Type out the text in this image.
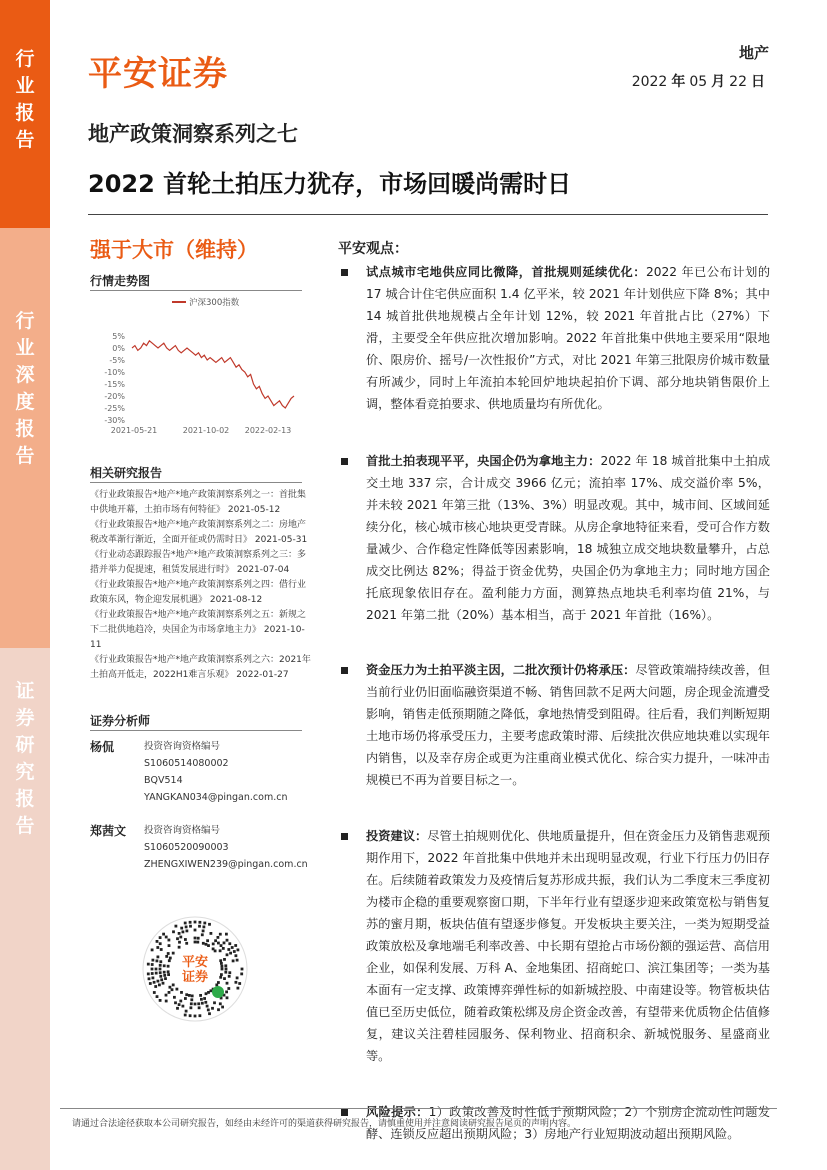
行
业
报
告
行
业
深
度
报
告
证
券
研
究
报
告
平安证券
地产
2022 年 05 月 22 日
地产政策洞察系列之七
2022 首轮土拍压力犹存，市场回暖尚需时日
强于大市（维持）
行情走势图
沪深300指数
5%
0%
-5%
-10%
-15%
-20%
-25%
-30%
2021-05-21	2021-10-02 2022-02-13
相关研究报告
《行业政策报告*地产*地产政策洞察系列之一：首批集中供地开幕，土拍市场有何特征》 2021-05-12
《行业政策报告*地产*地产政策洞察系列之二：房地产税改革渐行渐近，全面开征或仍需时日》 2021-05-31
《行业动态跟踪报告*地产*地产政策洞察系列之三：多措并举力促提速，租赁发展进行时》 2021-07-04
《行业政策报告*地产*地产政策洞察系列之四：借行业政策东风，物企迎发展机遇》 2021-08-12
《行业政策报告*地产*地产政策洞察系列之五：新规之下二批供地趋冷，央国企为市场拿地主力》 2021-10-11
《行业政策报告*地产*地产政策洞察系列之六：2021年土拍高开低走，2022H1难言乐观》 2022-01-27
证券分析师
杨侃	投资咨询资格编号
S1060514080002
BQV514
YANGKAN034@pingan.com.cn
郑茜文 投资咨询资格编号
S1060520090003
ZHENGXIWEN239@pingan.com.cn
平安
证券
平安观点：
试点城市宅地供应同比微降，首批规则延续优化：2022 年已公布计划的 17 城合计住宅供应面积 1.4 亿平米，较 2021 年计划供应下降 8%；其中 14 城首批供地规模占全年计划 12%，较 2021 年首批占比（27%）下滑，主要受全年供应批次增加影响。2022 年首批集中供地主要采用“限地价、限房价、摇号/一次性报价”方式，对比 2021 年第三批限房价城市数量有所减少，同时上年流拍本轮回炉地块起拍价下调、部分地块销售限价上调，整体看竞拍要求、供地质量均有所优化。
首批土拍表现平平，央国企仍为拿地主力：2022 年 18 城首批集中土拍成交土地 337 宗，合计成交 3966 亿元；流拍率 17%、成交溢价率 5%，并未较 2021 年第三批（13%、3%）明显改观。其中，城市间、区域间延续分化，核心城市核心地块更受青睐。从房企拿地特征来看，受可合作方数量减少、合作稳定性降低等因素影响，18 城独立成交地块数量攀升，占总成交比例达 82%；得益于资金优势，央国企仍为拿地主力；同时地方国企托底现象依旧存在。盈利能力方面，测算热点地块毛利率均值 21%，与 2021 年第二批（20%）基本相当，高于 2021 年首批（16%）。
资金压力为土拍平淡主因，二批次预计仍将承压：尽管政策端持续改善，但当前行业仍旧面临融资渠道不畅、销售回款不足两大问题，房企现金流遭受影响，销售走低预期随之降低，拿地热情受到阻碍。往后看，我们判断短期土地市场仍将承受压力，主要考虑政策时滞、后续批次供应地块难以实现年内销售，以及幸存房企或更为注重商业模式优化、综合实力提升，一味冲击规模已不再为首要目标之一。
投资建议：尽管土拍规则优化、供地质量提升，但在资金压力及销售悲观预期作用下，2022 年首批集中供地并未出现明显改观，行业下行压力仍旧存在。后续随着政策发力及疫情后复苏形成共振，我们认为二季度末三季度初为楼市企稳的重要观察窗口期，下半年行业有望逐步迎来政策宽松与销售复苏的蜜月期，板块估值有望逐步修复。开发板块主要关注，一类为短期受益政策放松及拿地端毛利率改善、中长期有望抢占市场份额的强运营、高信用企业，如保利发展、万科 A、金地集团、招商蛇口、滨江集团等；一类为基本面有一定支撑、政策博弈弹性标的如新城控股、中南建设等。物管板块估值已至历史低位，随着政策松绑及房企资金改善，有望带来优质物企估值修复，建议关注碧桂园服务、保利物业、招商积余、新城悦服务、星盛商业等。
风险提示：1）政策改善及时性低于预期风险；2）个别房企流动性问题发酵、连锁反应超出预期风险；3）房地产行业短期波动超出预期风险。
请通过合法途径获取本公司研究报告，如经由未经许可的渠道获得研究报告，请慎重使用并注意阅读研究报告尾页的声明内容。
